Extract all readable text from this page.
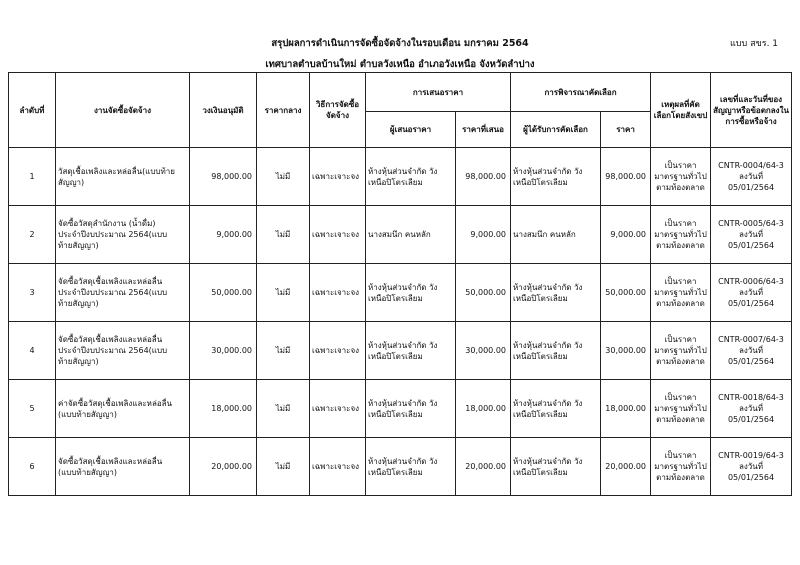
สรุปผลการดำเนินการจัดซื้อจัดจ้างในรอบเดือน มกราคม 2564	แบบ สขร. 1
เทศบาลตำบลบ้านใหม่ ตำบลวังเหนือ อำเภอวังเหนือ จังหวัดลำปาง
ลำดับที่	งานจัดซื้อจัดจ้าง	วงเงินอนุมัติ	ราคากลาง	วิธีการจัดซื้อจัดจ้าง	การเสนอราคา		การพิจารณาคัดเลือก		เหตุผลที่คัดเลือกโดยสังเขป	เลขที่และวันที่ของสัญญาหรือข้อตกลงในการซื้อหรือจ้าง
					ผู้เสนอราคา	ราคาที่เสนอ	ผู้ได้รับการคัดเลือก	ราคา		
1	วัสดุเชื้อเพลิงและหล่อลื่น(แบบท้าย
สัญญา)	98,000.00	ไม่มี	เฉพาะเจาะจง	ห้างหุ้นส่วนจำกัด วัง
เหนือปิโตรเลียม	98,000.00	ห้างหุ้นส่วนจำกัด วัง
เหนือปิโตรเลียม	98,000.00	เป็นราคา
มาตรฐานทั่วไป
ตามท้องตลาด	CNTR-0004/64-3
ลงวันที่
05/01/2564
2	จัดซื้อวัสดุสำนักงาน (น้ำดื่ม)
ประจำปีงบประมาณ 2564(แบบ
ท้ายสัญญา)	9,000.00	ไม่มี	เฉพาะเจาะจง	นางสมนึก คนหลัก	9,000.00	นางสมนึก คนหลัก	9,000.00	เป็นราคา
มาตรฐานทั่วไป
ตามท้องตลาด	CNTR-0005/64-3
ลงวันที่
05/01/2564
3	จัดซื้อวัสดุเชื้อเพลิงและหล่อลื่น
ประจำปีงบประมาณ 2564(แบบ
ท้ายสัญญา)	50,000.00	ไม่มี	เฉพาะเจาะจง	ห้างหุ้นส่วนจำกัด วัง
เหนือปิโตรเลียม	50,000.00	ห้างหุ้นส่วนจำกัด วัง
เหนือปิโตรเลียม	50,000.00	เป็นราคา
มาตรฐานทั่วไป
ตามท้องตลาด	CNTR-0006/64-3
ลงวันที่
05/01/2564
4	จัดซื้อวัสดุเชื้อเพลิงและหล่อลื่น
ประจำปีงบประมาณ 2564(แบบ
ท้ายสัญญา)	30,000.00	ไม่มี	เฉพาะเจาะจง	ห้างหุ้นส่วนจำกัด วัง
เหนือปิโตรเลียม	30,000.00	ห้างหุ้นส่วนจำกัด วัง
เหนือปิโตรเลียม	30,000.00	เป็นราคา
มาตรฐานทั่วไป
ตามท้องตลาด	CNTR-0007/64-3
ลงวันที่
05/01/2564
5	ค่าจัดซื้อวัสดุเชื้อเพลิงและหล่อลื่น
(แบบท้ายสัญญา)	18,000.00	ไม่มี	เฉพาะเจาะจง	ห้างหุ้นส่วนจำกัด วัง
เหนือปิโตรเลียม	18,000.00	ห้างหุ้นส่วนจำกัด วัง
เหนือปิโตรเลียม	18,000.00	เป็นราคา
มาตรฐานทั่วไป
ตามท้องตลาด	CNTR-0018/64-3
ลงวันที่
05/01/2564
6	จัดซื้อวัสดุเชื้อเพลิงและหล่อลื่น
(แบบท้ายสัญญา)	20,000.00	ไม่มี	เฉพาะเจาะจง	ห้างหุ้นส่วนจำกัด วัง
เหนือปิโตรเลียม	20,000.00	ห้างหุ้นส่วนจำกัด วัง
เหนือปิโตรเลียม	20,000.00	เป็นราคา
มาตรฐานทั่วไป
ตามท้องตลาด	CNTR-0019/64-3
ลงวันที่
05/01/2564
